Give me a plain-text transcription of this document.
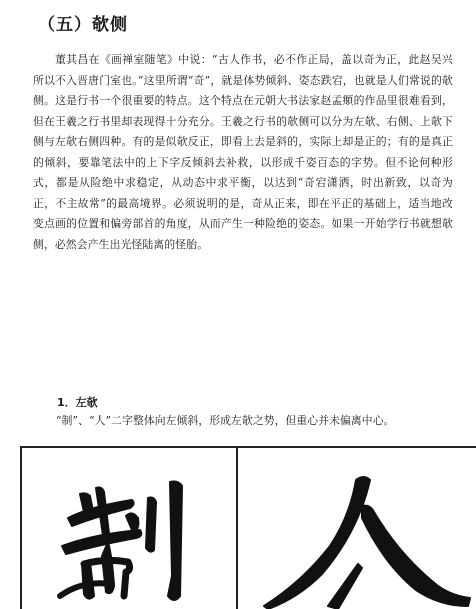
（五）欹侧

董其昌在《画禅室随笔》中说：“古人作书，必不作正局，盖以奇为正，此赵吴兴所以不入晋唐门室也。”这里所谓“奇”，就是体势倾斜、姿态跌宕，也就是人们常说的欹侧。这是行书一个很重要的特点。这个特点在元朝大书法家赵孟頫的作品里很难看到，但在王羲之行书里却表现得十分充分。王羲之行书的欹侧可以分为左欹、右侧、上欹下侧与左欹右侧四种。有的是似欹反正，即看上去是斜的，实际上却是正的；有的是真正的倾斜，要靠笔法中的上下字反倾斜去补救，以形成千姿百态的字势。但不论何种形式，都是从险绝中求稳定，从动态中求平衡，以达到“奇宕潇洒，时出新致，以奇为正，不主故常”的最高境界。必须说明的是，奇从正来，即在平正的基础上，适当地改变点画的位置和偏旁部首的角度，从而产生一种险绝的姿态。如果一开始学行书就想欹侧，必然会产生出光怪陆离的怪胎。

1．左欹
“制”、“人”二字整体向左倾斜，形成左欹之势，但重心并未偏离中心。
